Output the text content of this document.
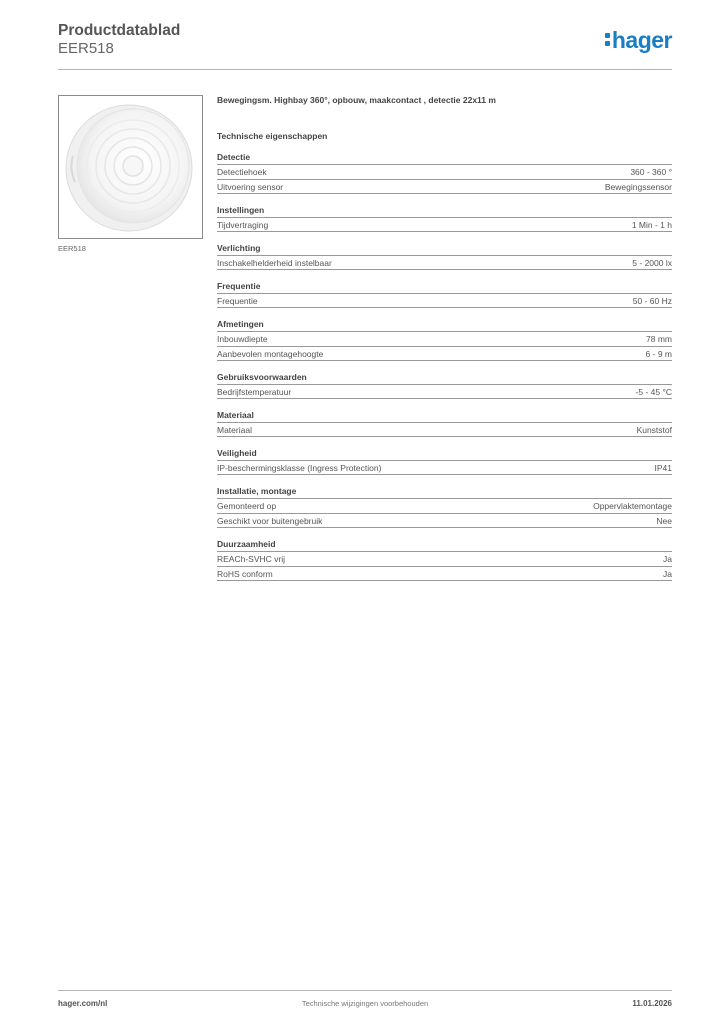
Productdatablad
EER518	hager
EER518
Bewegingsm. Highbay 360°, opbouw, maakcontact , detectie 22x11 m
Technische eigenschappen
Detectie
Detectiehoek	360 - 360 °
Uitvoering sensor	Bewegingssensor
Instellingen
Tijdvertraging	1 Min - 1 h
Verlichting
Inschakelhelderheid instelbaar	5 - 2000 lx
Frequentie
Frequentie	50 - 60 Hz
Afmetingen
Inbouwdiepte	78 mm
Aanbevolen montagehoogte	6 - 9 m
Gebruiksvoorwaarden
Bedrijfstemperatuur	-5 - 45 °C
Materiaal
Materiaal	Kunststof
Veiligheid
IP-beschermingsklasse (Ingress Protection)	IP41
Installatie, montage
Gemonteerd op	Oppervlaktemontage
Geschikt voor buitengebruik	Nee
Duurzaamheid
REACh-SVHC vrij	Ja
RoHS conform	Ja
hager.com/nl	Technische wijzigingen voorbehouden	11.01.2026
